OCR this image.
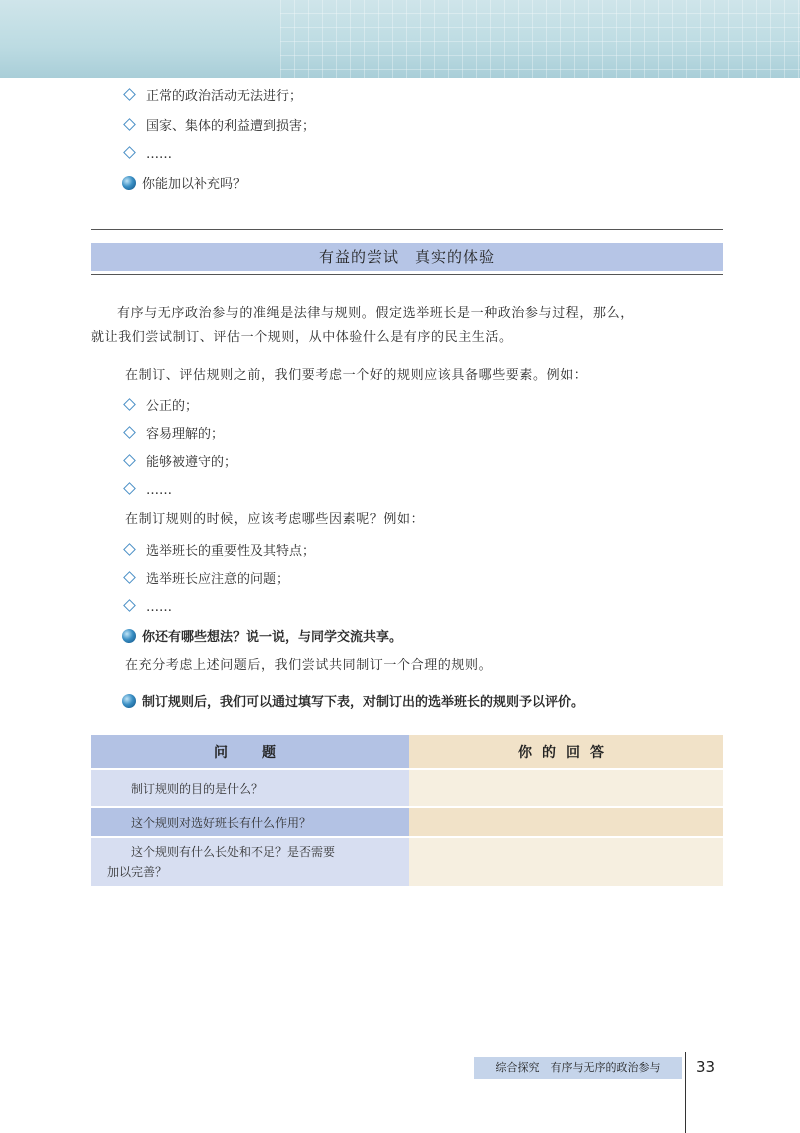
正常的政治活动无法进行；
国家、集体的利益遭到损害；
……
你能加以补充吗？
有益的尝试　真实的体验
有序与无序政治参与的准绳是法律与规则。假定选举班长是一种政治参与过程，那么，
就让我们尝试制订、评估一个规则，从中体验什么是有序的民主生活。
在制订、评估规则之前，我们要考虑一个好的规则应该具备哪些要素。例如：
公正的；
容易理解的；
能够被遵守的；
……
在制订规则的时候，应该考虑哪些因素呢？例如：
选举班长的重要性及其特点；
选举班长应注意的问题；
……
你还有哪些想法？说一说，与同学交流共享。
在充分考虑上述问题后，我们尝试共同制订一个合理的规则。
制订规则后，我们可以通过填写下表，对制订出的选举班长的规则予以评价。
问　题	你的回答
制订规则的目的是什么？	
这个规则对选好班长有什么作用？	

这个规则有什么长处和不足？是否需要
加以完善？	

综合探究　有序与无序的政治参与	33
